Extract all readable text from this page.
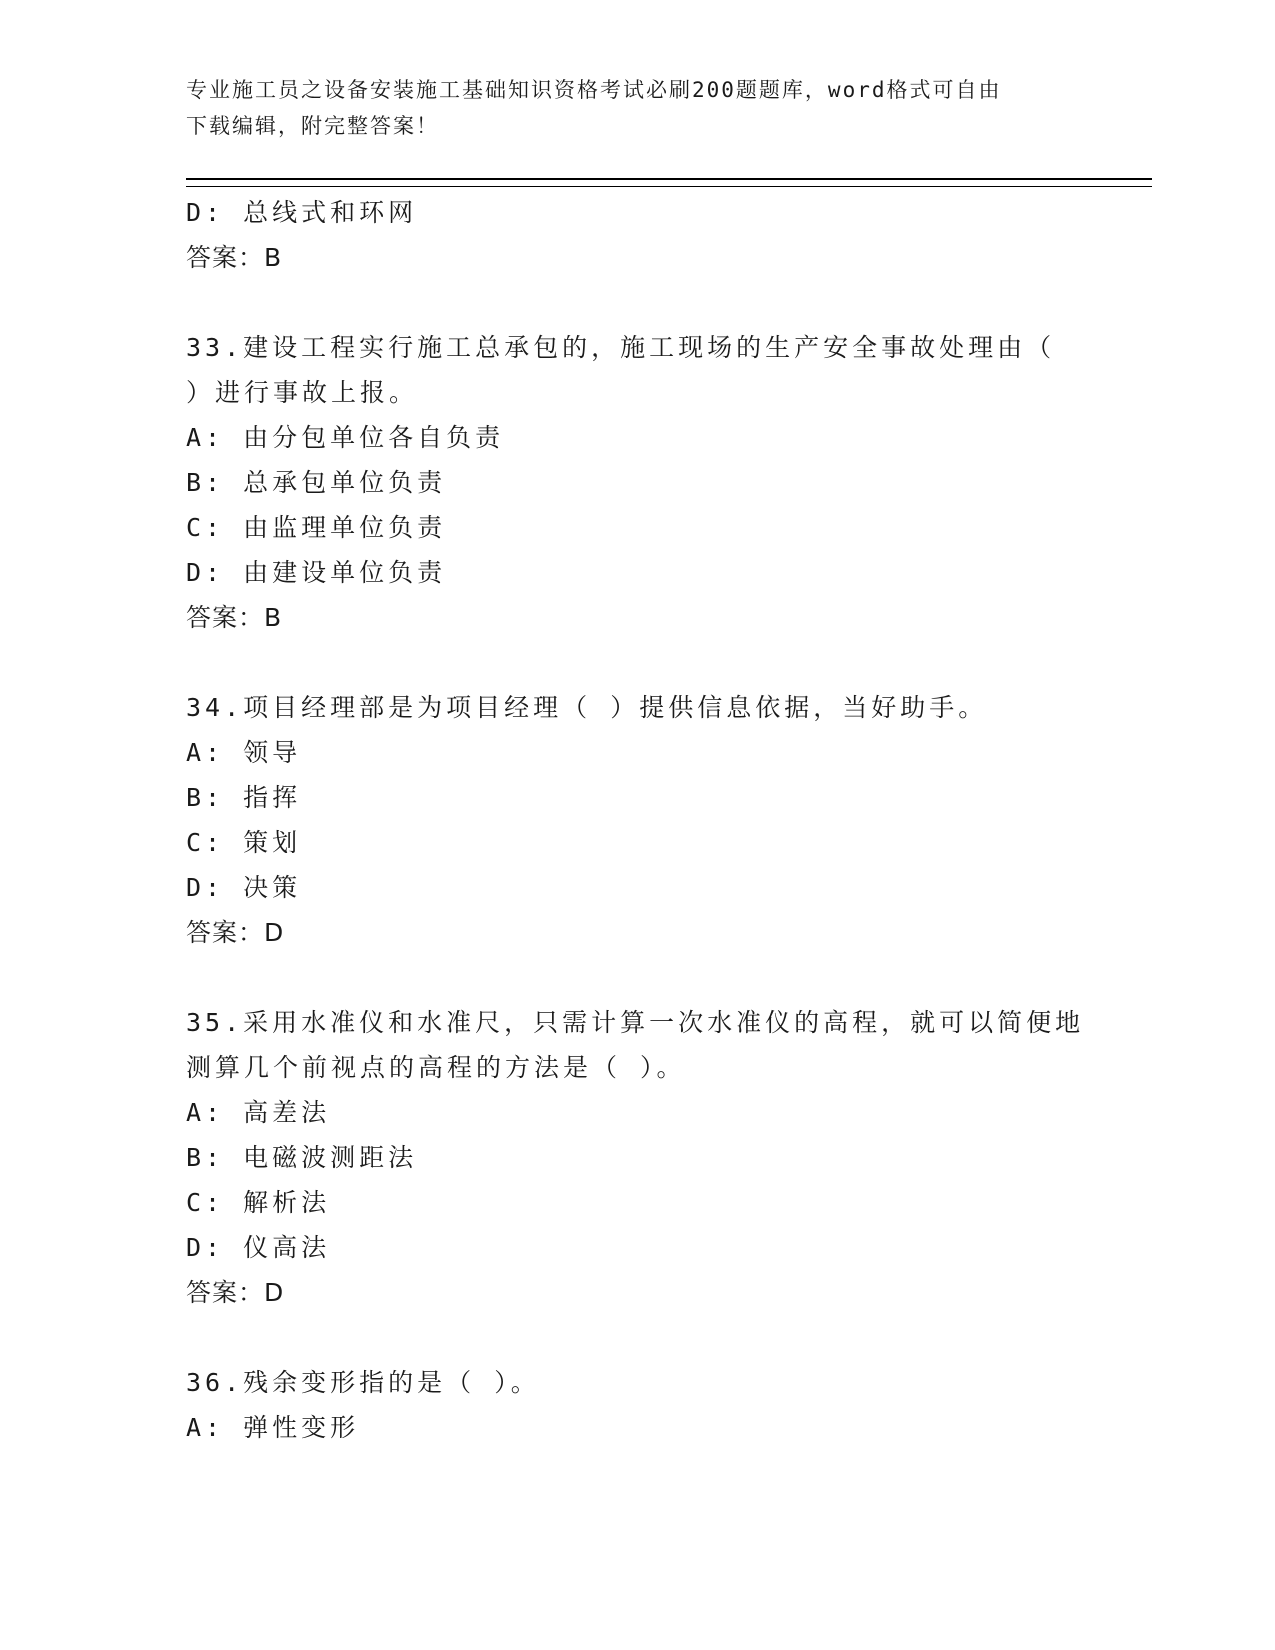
专业施工员之设备安装施工基础知识资格考试必刷200题题库，word格式可自由
下载编辑，附完整答案！
D: 总线式和环网
答案：B
33.建设工程实行施工总承包的，施工现场的生产安全事故处理由（
）进行事故上报。
A: 由分包单位各自负责
B: 总承包单位负责
C: 由监理单位负责
D: 由建设单位负责
答案：B
34.项目经理部是为项目经理（ ）提供信息依据，当好助手。
A: 领导
B: 指挥
C: 策划
D: 决策
答案：D
35.采用水准仪和水准尺，只需计算一次水准仪的高程，就可以简便地
测算几个前视点的高程的方法是（ ）。
A: 高差法
B: 电磁波测距法
C: 解析法
D: 仪高法
答案：D
36.残余变形指的是（ ）。
A: 弹性变形
